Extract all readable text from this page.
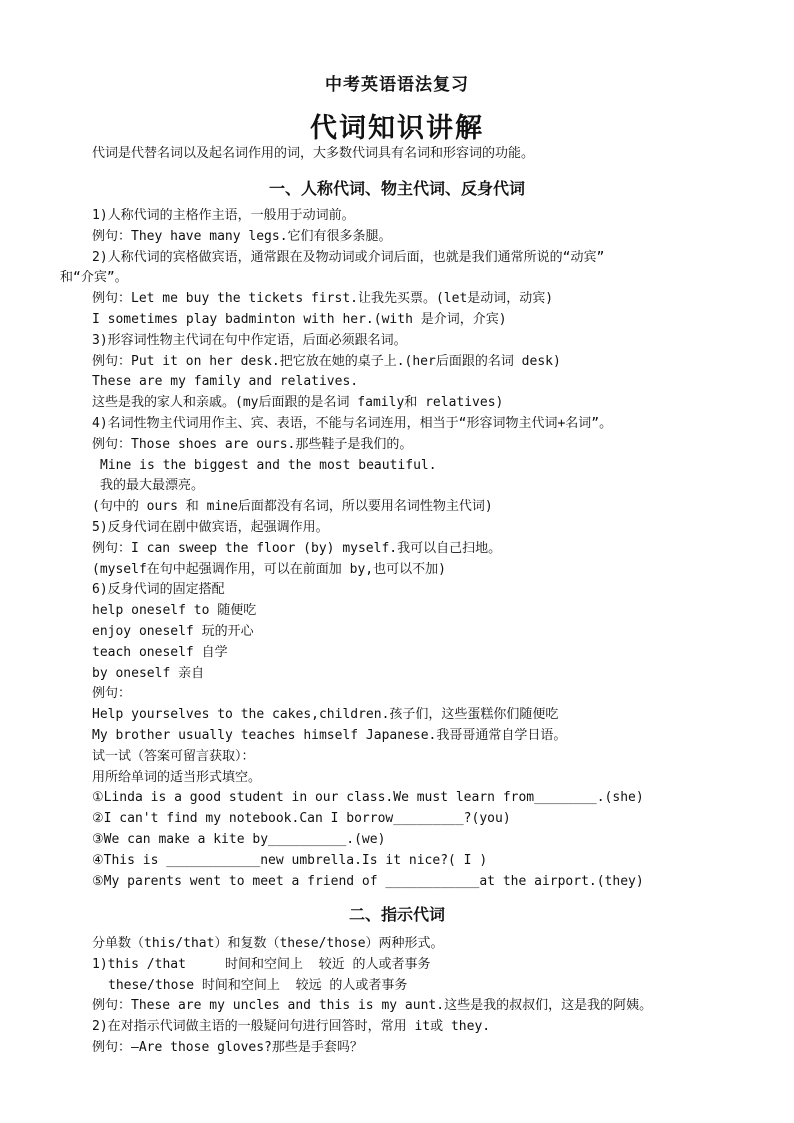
中考英语语法复习
代词知识讲解
代词是代替名词以及起名词作用的词，大多数代词具有名词和形容词的功能。
一、人称代词、物主代词、反身代词
1)人称代词的主格作主语，一般用于动词前。
例句：They have many legs.它们有很多条腿。
2)人称代词的宾格做宾语，通常跟在及物动词或介词后面，也就是我们通常所说的“动宾”
和“介宾”。
例句：Let me buy the tickets first.让我先买票。(let是动词，动宾)
I sometimes play badminton with her.(with 是介词，介宾)
3)形容词性物主代词在句中作定语，后面必须跟名词。
例句：Put it on her desk.把它放在她的桌子上.(her后面跟的名词 desk)
These are my family and relatives.
这些是我的家人和亲戚。(my后面跟的是名词 family和 relatives)
4)名词性物主代词用作主、宾、表语，不能与名词连用，相当于“形容词物主代词+名词”。
例句：Those shoes are ours.那些鞋子是我们的。
Mine is the biggest and the most beautiful.
我的最大最漂亮。
(句中的 ours 和 mine后面都没有名词，所以要用名词性物主代词)
5)反身代词在剧中做宾语，起强调作用。
例句：I can sweep the floor (by) myself.我可以自己扫地。
(myself在句中起强调作用，可以在前面加 by,也可以不加)
6)反身代词的固定搭配
help oneself to 随便吃
enjoy oneself 玩的开心
teach oneself 自学
by oneself 亲自
例句：
Help yourselves to the cakes,children.孩子们，这些蛋糕你们随便吃
My brother usually teaches himself Japanese.我哥哥通常自学日语。
试一试（答案可留言获取）：
用所给单词的适当形式填空。
①Linda is a good student in our class.We must learn from________.(she)
②I can't find my notebook.Can I borrow_________?(you)
③We can make a kite by__________.(we)
④This is ____________new umbrella.Is it nice?( I )
⑤My parents went to meet a friend of ____________at the airport.(they)
二、指示代词
分单数（this/that）和复数（these/those）两种形式。
1)this /that     时间和空间上  较近 的人或者事务
these/those 时间和空间上  较远 的人或者事务
例句：These are my uncles and this is my aunt.这些是我的叔叔们，这是我的阿姨。
2)在对指示代词做主语的一般疑问句进行回答时，常用 it或 they.
例句：—Are those gloves?那些是手套吗？
